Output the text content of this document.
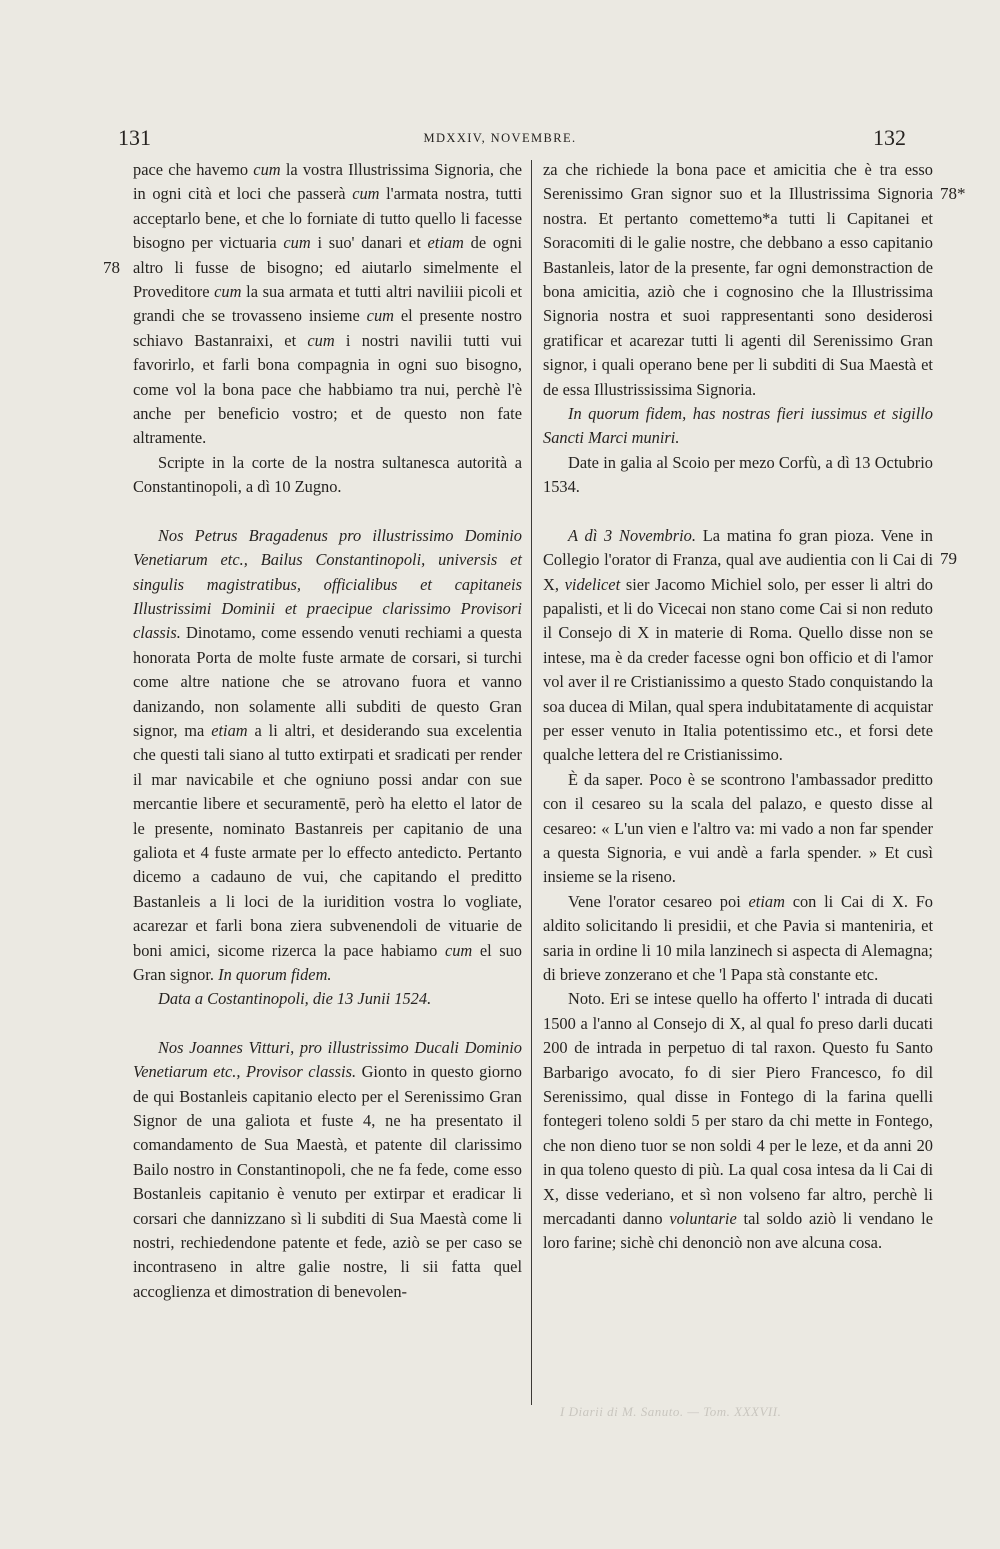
131	MDXXIV, NOVEMBRE.	132
78
78*
79

pace che havemo cum la vostra Illustrissima Signoria, che in ogni cità et loci che passerà cum l'armata nostra, tutti acceptarlo bene, et che lo forniate di tutto quello li facesse bisogno per victuaria cum i suo' danari et etiam de ogni altro li fusse de bisogno; ed aiutarlo simelmente el Proveditore cum la sua armata et tutti altri naviliii picoli et grandi che se trovasseno insieme cum el presente nostro schiavo Bastanraixi, et cum i nostri navilii tutti vui favorirlo, et farli bona compagnia in ogni suo bisogno, come vol la bona pace che habbiamo tra nui, perchè l'è anche per beneficio vostro; et de questo non fate altramente.

Scripte in la corte de la nostra sultanesca autorità a Constantinopoli, a dì 10 Zugno.

Nos Petrus Bragadenus pro illustrissimo Dominio Venetiarum etc., Bailus Constantinopoli, universis et singulis magistratibus, officialibus et capitaneis Illustrissimi Dominii et praecipue clarissimo Provisori classis. Dinotamo, come essendo venuti rechiami a questa honorata Porta de molte fuste armate de corsari, si turchi come altre natione che se atrovano fuora et vanno danizando, non solamente alli subditi de questo Gran signor, ma etiam a li altri, et desiderando sua excelentia che questi tali siano al tutto extirpati et sradicati per render il mar navicabile et che ogniuno possi andar con sue mercantie libere et securamentē, però ha eletto el lator de le presente, nominato Bastanreis per capitanio de una galiota et 4 fuste armate per lo effecto antedicto. Pertanto dicemo a cadauno de vui, che capitando el preditto Bastanleis a li loci de la iuridition vostra lo vogliate, acarezar et farli bona ziera subvenendoli de vituarie de boni amici, sicome rizerca la pace habiamo cum el suo Gran signor. In quorum fidem.

Data a Costantinopoli, die 13 Junii 1524.

Nos Joannes Vitturi, pro illustrissimo Ducali Dominio Venetiarum etc., Provisor classis. Gionto in questo giorno de qui Bostanleis capitanio electo per el Serenissimo Gran Signor de una galiota et fuste 4, ne ha presentato il comandamento de Sua Maestà, et patente dil clarissimo Bailo nostro in Constantinopoli, che ne fa fede, come esso Bostanleis capitanio è venuto per extirpar et eradicar li corsari che dannizzano sì li subditi di Sua Maestà come li nostri, rechiedendone patente et fede, aziò se per caso se incontraseno in altre galie nostre, li sii fatta quel accoglienza et dimostration di benevolen-

za che richiede la bona pace et amicitia che è tra esso Serenissimo Gran signor suo et la Illustrissima Signoria nostra. Et pertanto comettemo*a tutti li Capitanei et Soracomiti di le galie nostre, che debbano a esso capitanio Bastanleis, lator de la presente, far ogni demonstraction de bona amicitia, aziò che i cognosino che la Illustrissima Signoria nostra et suoi rappresentanti sono desiderosi gratificar et acarezar tutti li agenti dil Serenissimo Gran signor, i quali operano bene per li subditi di Sua Maestà et de essa Illustrississima Signoria.

In quorum fidem, has nostras fieri iussimus et sigillo Sancti Marci muniri.

Date in galia al Scoio per mezo Corfù, a dì 13 Octubrio 1534.

A dì 3 Novembrio. La matina fo gran pioza. Vene in Collegio l'orator di Franza, qual ave audientia con li Cai di X, videlicet sier Jacomo Michiel solo, per esser li altri do papalisti, et li do Vicecai non stano come Cai si non reduto il Consejo di X in materie di Roma. Quello disse non se intese, ma è da creder facesse ogni bon officio et di l'amor vol aver il re Cristianissimo a questo Stado conquistando la soa ducea di Milan, qual spera indubitatamente di acquistar per esser venuto in Italia potentissimo etc., et forsi dete qualche lettera del re Cristianissimo.

È da saper. Poco è se scontrono l'ambassador preditto con il cesareo su la scala del palazo, e questo disse al cesareo: « L'un vien e l'altro va: mi vado a non far spender a questa Signoria, e vui andè a farla spender. » Et cusì insieme se la riseno.

Vene l'orator cesareo poi etiam con li Cai di X. Fo aldito solicitando li presidii, et che Pavia si manteniria, et saria in ordine li 10 mila lanzinech si aspecta di Alemagna; di brieve zonzerano et che 'l Papa stà constante etc.

Noto. Eri se intese quello ha offerto l' intrada di ducati 1500 a l'anno al Consejo di X, al qual fo preso darli ducati 200 de intrada in perpetuo di tal raxon. Questo fu Santo Barbarigo avocato, fo di sier Piero Francesco, fo dil Serenissimo, qual disse in Fontego di la farina quelli fontegeri toleno soldi 5 per staro da chi mette in Fontego, che non dieno tuor se non soldi 4 per le leze, et da anni 20 in qua toleno questo di più. La qual cosa intesa da li Cai di X, disse vederiano, et sì non volseno far altro, perchè li mercadanti danno voluntarie tal soldo aziò li vendano le loro farine; sichè chi denonciò non ave alcuna cosa.

I Diarii di M. Sanuto. — Tom. XXXVII.
